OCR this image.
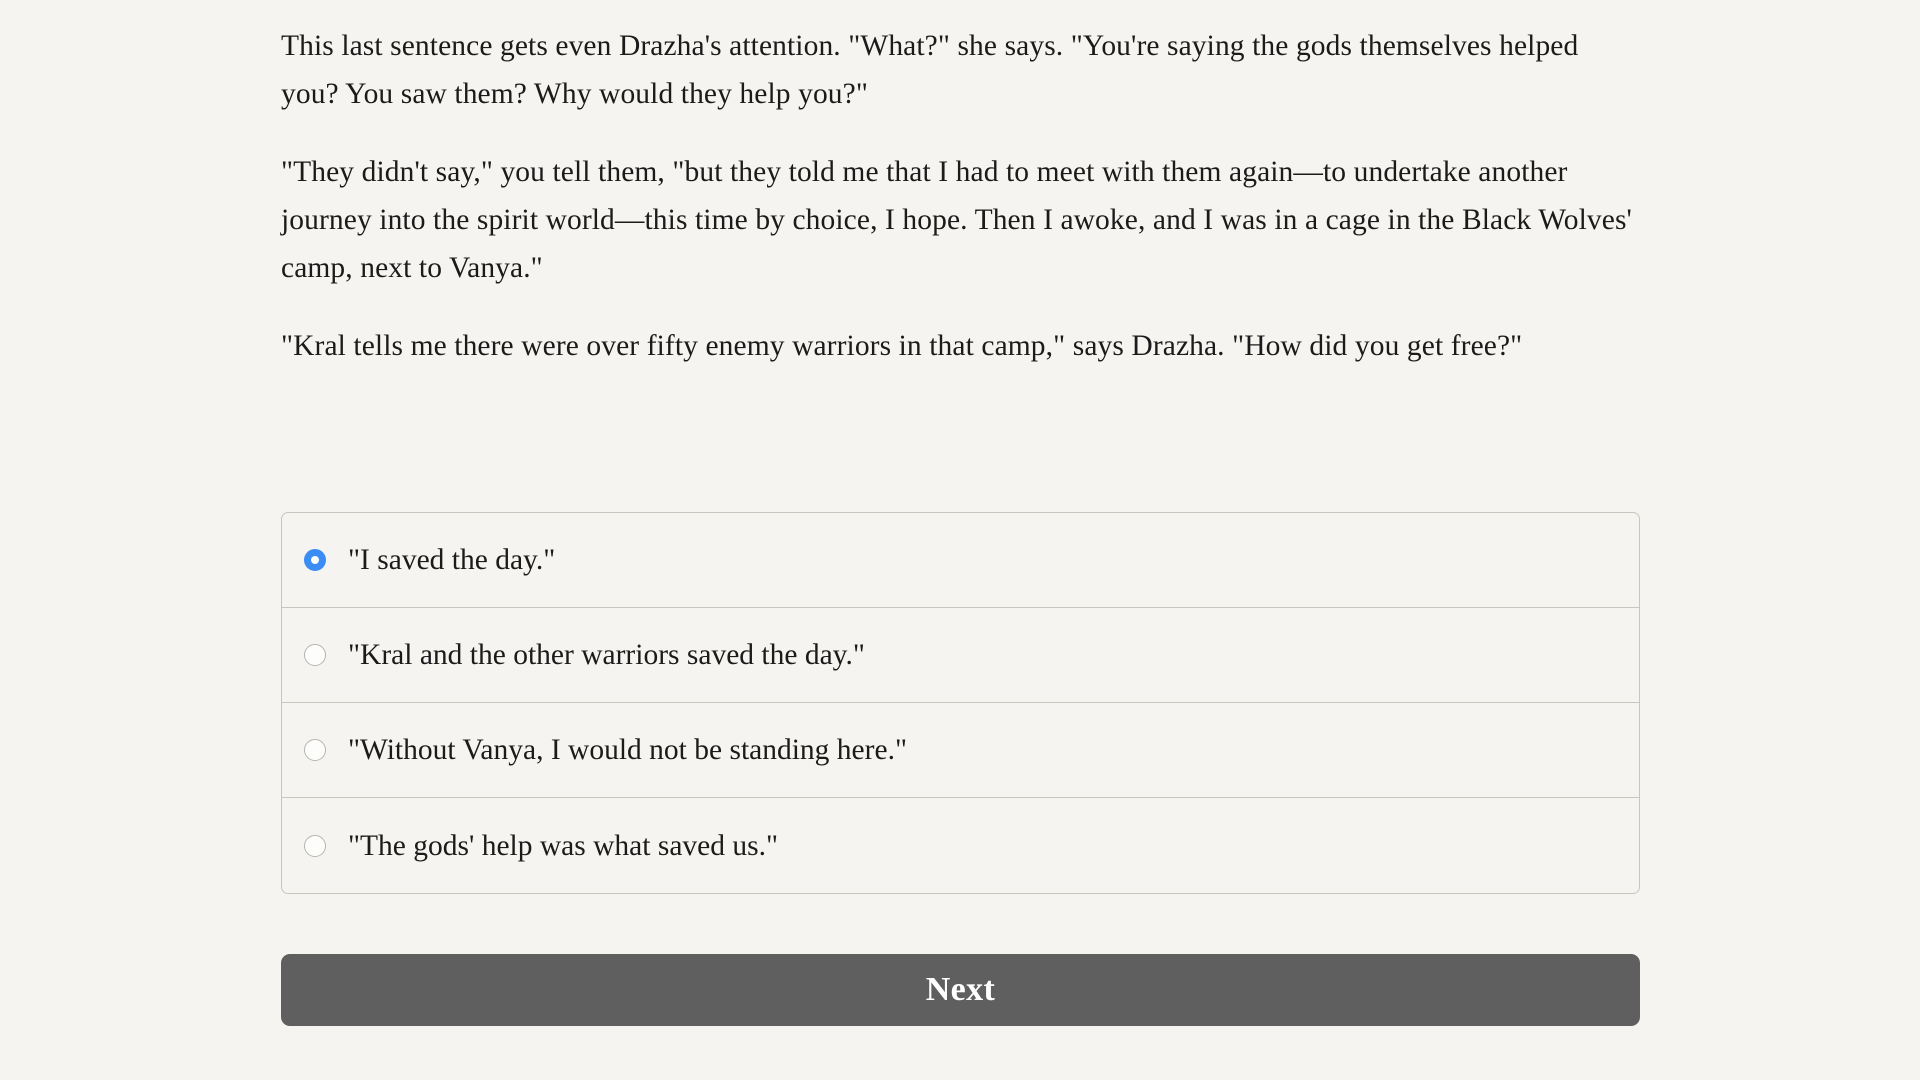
This last sentence gets even Drazha's attention. "What?" she says. "You're saying the gods themselves helped you? You saw them? Why would they help you?"

"They didn't say," you tell them, "but they told me that I had to meet with them again—to undertake another journey into the spirit world—this time by choice, I hope. Then I awoke, and I was in a cage in the Black Wolves' camp, next to Vanya."

"Kral tells me there were over fifty enemy warriors in that camp," says Drazha. "How did you get free?"

"I saved the day."
"Kral and the other warriors saved the day."
"Without Vanya, I would not be standing here."
"The gods' help was what saved us."
Next
